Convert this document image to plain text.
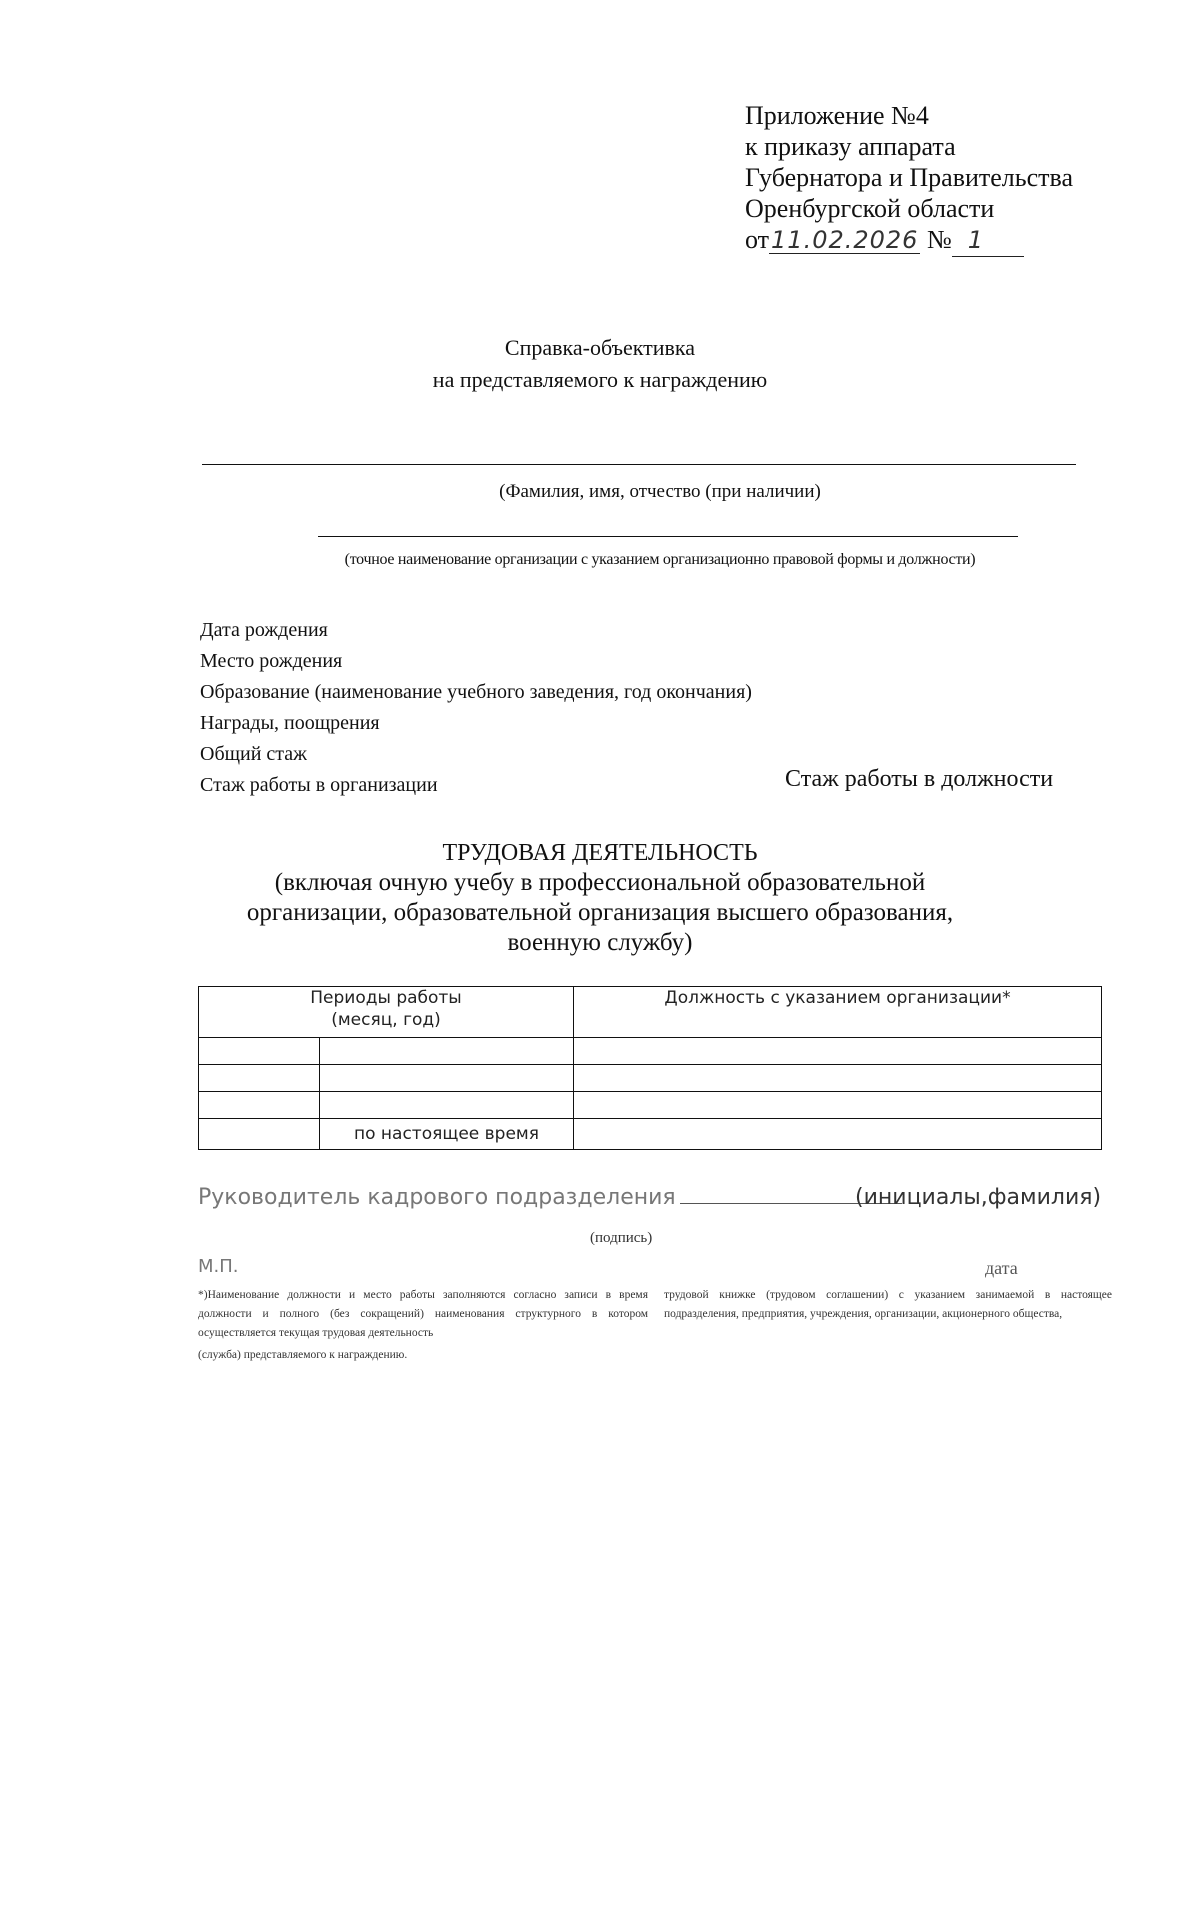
Приложение №4
к приказу аппарата
Губернатора и Правительства
Оренбургской области
от11.02.2026 № 1
Справка-объективка
на представляемого к награждению
(Фамилия, имя, отчество (при наличии)
(точное наименование организации с указанием организационно правовой формы и должности)
Дата рождения
Место рождения
Образование (наименование учебного заведения, год окончания)
Награды, поощрения
Общий стаж
Стаж работы в организации	Стаж работы в должности
ТРУДОВАЯ ДЕЯТЕЛЬНОСТЬ
(включая очную учебу в профессиональной образовательной
организации, образовательной организация высшего образования,
военную службу)
Периоды работы
(месяц, год)		Должность с указанием организации*

	по настоящее время	
Руководитель кадрового подразделения	(инициалы,фамилия)
(подпись)
М.П.	дата
*)Наименование должности и место работы заполняются согласно записи в время должности и полного (без сокращений) наименования структурного в котором осуществляется текущая трудовая деятельность
трудовой книжке (трудовом соглашении) с указанием занимаемой в настоящее подразделения, предприятия, учреждения, организации, акционерного общества,
(служба) представляемого к награждению.
